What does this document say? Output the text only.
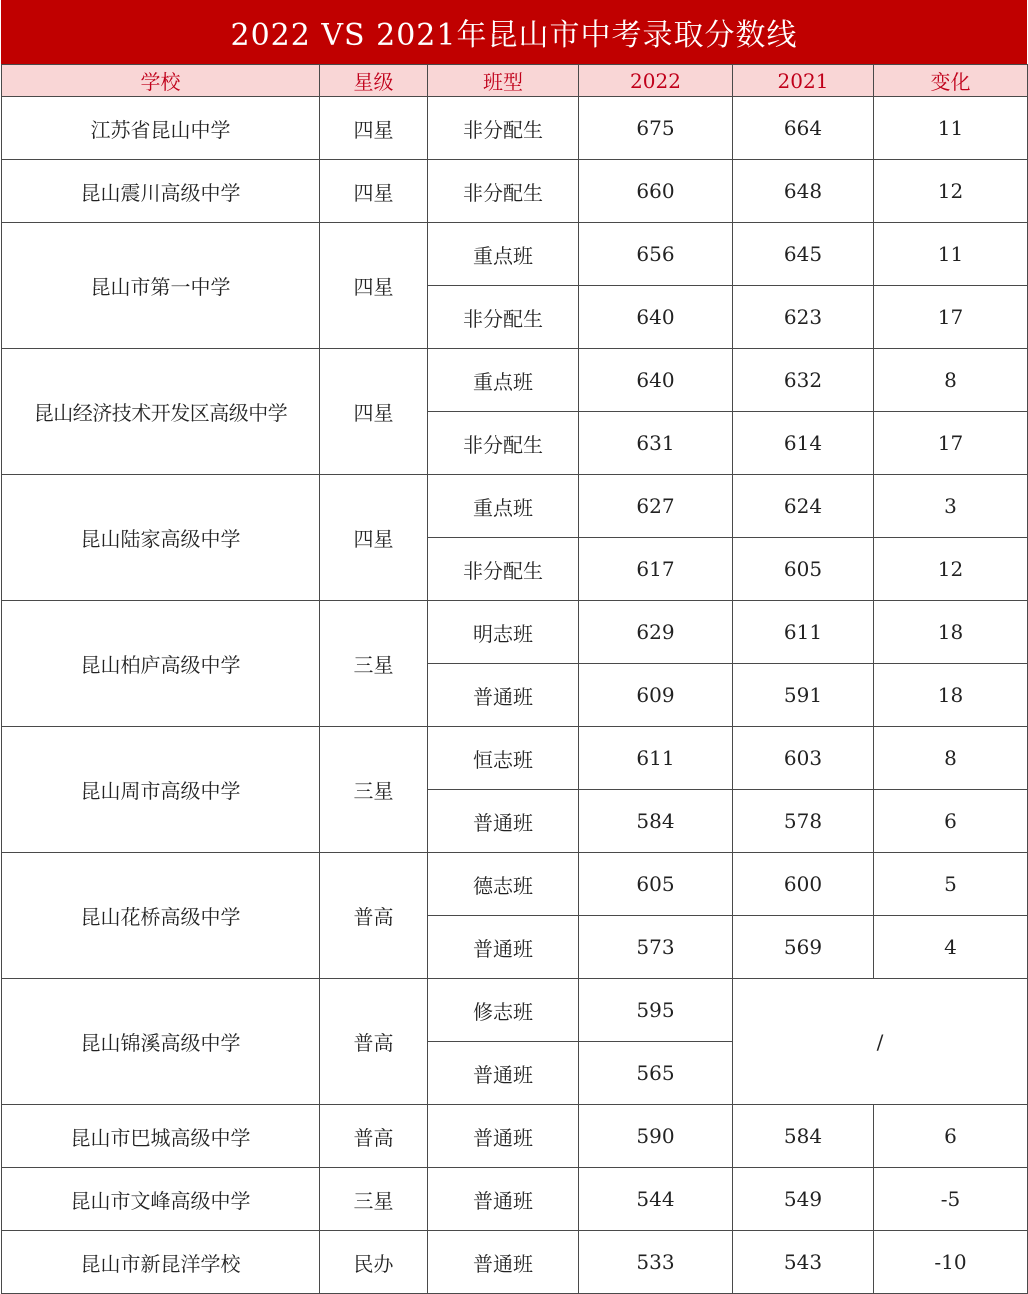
2022 VS 2021年昆山市中考录取分数线
学校	星级	班型	2022	2021	变化
江苏省昆山中学	四星	非分配生	675	664	11
昆山震川高级中学	四星	非分配生	660	648	12
昆山市第一中学	四星	重点班	656	645	11
		非分配生	640	623	17
昆山经济技术开发区高级中学	四星	重点班	640	632	8
		非分配生	631	614	17
昆山陆家高级中学	四星	重点班	627	624	3
		非分配生	617	605	12
昆山柏庐高级中学	三星	明志班	629	611	18
		普通班	609	591	18
昆山周市高级中学	三星	恒志班	611	603	8
		普通班	584	578	6
昆山花桥高级中学	普高	德志班	605	600	5
		普通班	573	569	4
昆山锦溪高级中学	普高	修志班	595	/	
		普通班	565		
昆山市巴城高级中学	普高	普通班	590	584	6
昆山市文峰高级中学	三星	普通班	544	549	-5
昆山市新昆洋学校	民办	普通班	533	543	-10
